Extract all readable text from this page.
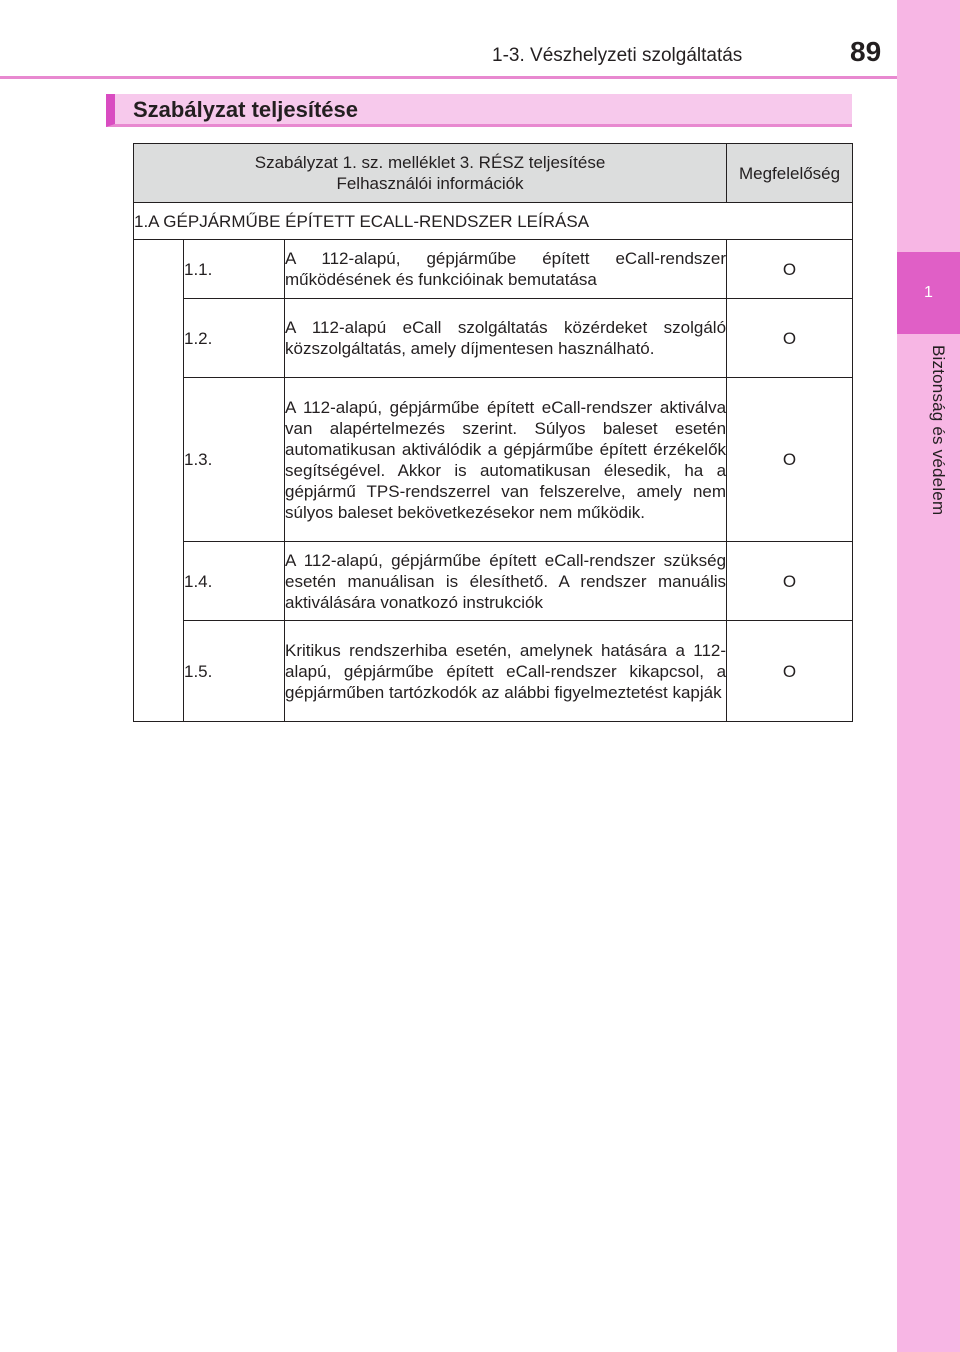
1
Biztonság és védelem
1-3. Vészhelyzeti szolgáltatás	89
Szabályzat teljesítése
Szabályzat 1. sz. melléklet 3. RÉSZ teljesítése
Felhasználói információk			Megfelelőség
1.A GÉPJÁRMŰBE ÉPÍTETT ECALL-RENDSZER LEÍRÁSA			
	1.1.	A 112-alapú, gépjárműbe épített eCall-rendszer működésének és funkcióinak bemutatása	O
	1.2.	A 112-alapú eCall szolgáltatás közérdeket szolgáló közszolgáltatás, amely díjmentesen használható.	O
	1.3.	A 112-alapú, gépjárműbe épített eCall-rendszer aktiválva van alapértelmezés szerint. Súlyos baleset esetén automatikusan aktiválódik a gépjárműbe épített érzékelők segítségével. Akkor is automatikusan élesedik, ha a gépjármű TPS-rendszerrel van felszerelve, amely nem súlyos baleset bekövetkezésekor nem működik.	O
	1.4.	A 112-alapú, gépjárműbe épített eCall-rendszer szükség esetén manuálisan is élesíthető. A rendszer manuális aktiválására vonatkozó instrukciók	O
	1.5.	Kritikus rendszerhiba esetén, amelynek hatására a 112-alapú, gépjárműbe épített eCall-rendszer kikapcsol, a gépjárműben tartózkodók az alábbi figyelmeztetést kapják	O
